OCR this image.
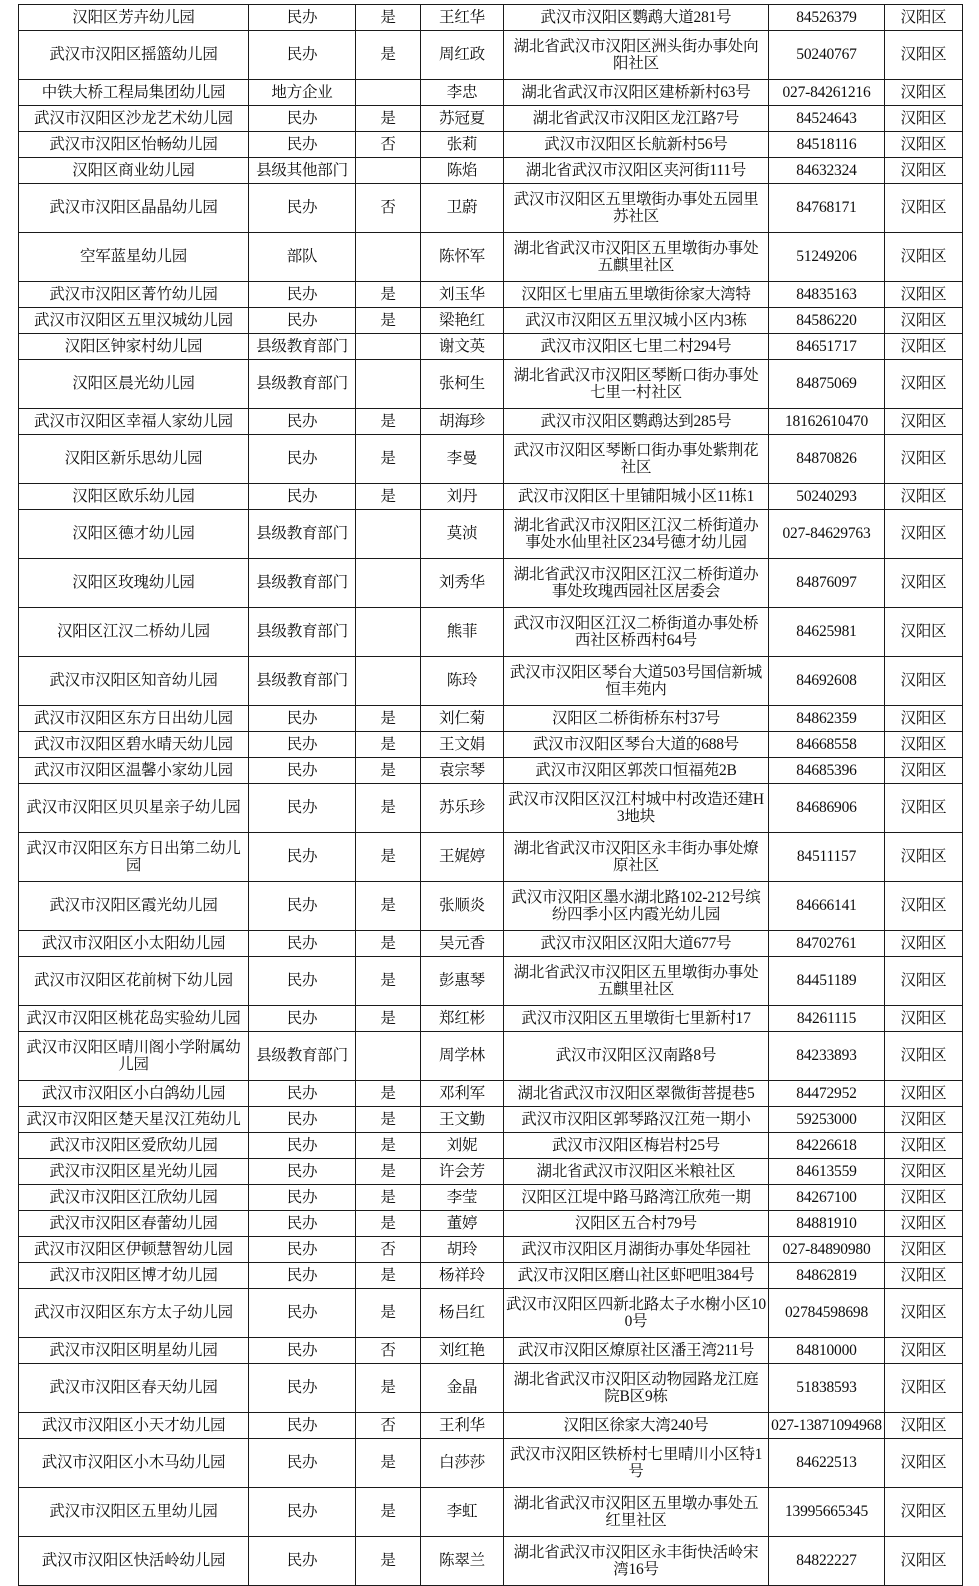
汉阳区芳卉幼儿园	民办	是	王红华	武汉市汉阳区鹦鹉大道281号	84526379	汉阳区
武汉市汉阳区摇篮幼儿园	民办	是	周红政	湖北省武汉市汉阳区洲头街办事处向阳社区	50240767	汉阳区
中铁大桥工程局集团幼儿园	地方企业		李忠	湖北省武汉市汉阳区建桥新村63号	027-84261216	汉阳区
武汉市汉阳区沙龙艺术幼儿园	民办	是	苏冠夏	湖北省武汉市汉阳区龙江路7号	84524643	汉阳区
武汉市汉阳区怡畅幼儿园	民办	否	张莉	武汉市汉阳区长航新村56号	84518116	汉阳区
汉阳区商业幼儿园	县级其他部门		陈焰	湖北省武汉市汉阳区夹河街111号	84632324	汉阳区
武汉市汉阳区晶晶幼儿园	民办	否	卫蔚	武汉市汉阳区五里墩街办事处五园里苏社区	84768171	汉阳区
空军蓝星幼儿园	部队		陈怀军	湖北省武汉市汉阳区五里墩街办事处五麒里社区	51249206	汉阳区
武汉市汉阳区菁竹幼儿园	民办	是	刘玉华	汉阳区七里庙五里墩街徐家大湾特	84835163	汉阳区
武汉市汉阳区五里汉城幼儿园	民办	是	梁艳红	武汉市汉阳区五里汉城小区内3栋	84586220	汉阳区
汉阳区钟家村幼儿园	县级教育部门		谢文英	武汉市汉阳区七里二村294号	84651717	汉阳区
汉阳区晨光幼儿园	县级教育部门		张柯生	湖北省武汉市汉阳区琴断口街办事处七里一村社区	84875069	汉阳区
武汉市汉阳区幸福人家幼儿园	民办	是	胡海珍	武汉市汉阳区鹦鹉达到285号	18162610470	汉阳区
汉阳区新乐思幼儿园	民办	是	李曼	武汉市汉阳区琴断口街办事处紫荆花社区	84870826	汉阳区
汉阳区欧乐幼儿园	民办	是	刘丹	武汉市汉阳区十里铺阳城小区11栋1	50240293	汉阳区
汉阳区德才幼儿园	县级教育部门		莫浈	湖北省武汉市汉阳区江汉二桥街道办事处水仙里社区234号德才幼儿园	027-84629763	汉阳区
汉阳区玫瑰幼儿园	县级教育部门		刘秀华	湖北省武汉市汉阳区江汉二桥街道办事处玫瑰西园社区居委会	84876097	汉阳区
汉阳区江汉二桥幼儿园	县级教育部门		熊菲	武汉市汉阳区江汉二桥街道办事处桥西社区桥西村64号	84625981	汉阳区
武汉市汉阳区知音幼儿园	县级教育部门		陈玲	武汉市汉阳区琴台大道503号国信新城恒丰苑内	84692608	汉阳区
武汉市汉阳区东方日出幼儿园	民办	是	刘仁菊	汉阳区二桥街桥东村37号	84862359	汉阳区
武汉市汉阳区碧水晴天幼儿园	民办	是	王文娟	武汉市汉阳区琴台大道的688号	84668558	汉阳区
武汉市汉阳区温馨小家幼儿园	民办	是	袁宗琴	武汉市汉阳区郭茨口恒福苑2B	84685396	汉阳区
武汉市汉阳区贝贝星亲子幼儿园	民办	是	苏乐珍	武汉市汉阳区汉江村城中村改造还建H3地块	84686906	汉阳区
武汉市汉阳区东方日出第二幼儿园	民办	是	王娓婷	湖北省武汉市汉阳区永丰街办事处燎原社区	84511157	汉阳区
武汉市汉阳区霞光幼儿园	民办	是	张顺炎	武汉市汉阳区墨水湖北路102-212号缤纷四季小区内霞光幼儿园	84666141	汉阳区
武汉市汉阳区小太阳幼儿园	民办	是	吴元香	武汉市汉阳区汉阳大道677号	84702761	汉阳区
武汉市汉阳区花前树下幼儿园	民办	是	彭惠琴	湖北省武汉市汉阳区五里墩街办事处五麒里社区	84451189	汉阳区
武汉市汉阳区桃花岛实验幼儿园	民办	是	郑红彬	武汉市汉阳区五里墩街七里新村17	84261115	汉阳区
武汉市汉阳区晴川阁小学附属幼儿园	县级教育部门		周学林	武汉市汉阳区汉南路8号	84233893	汉阳区
武汉市汉阳区小白鸽幼儿园	民办	是	邓利军	湖北省武汉市汉阳区翠微街菩提巷5	84472952	汉阳区
武汉市汉阳区楚天星汉江苑幼儿	民办	是	王文勤	武汉市汉阳区郭琴路汉江苑一期小	59253000	汉阳区
武汉市汉阳区爱欣幼儿园	民办	是	刘妮	武汉市汉阳区梅岩村25号	84226618	汉阳区
武汉市汉阳区星光幼儿园	民办	是	许会芳	湖北省武汉市汉阳区米粮社区	84613559	汉阳区
武汉市汉阳区江欣幼儿园	民办	是	李莹	汉阳区江堤中路马路湾江欣苑一期	84267100	汉阳区
武汉市汉阳区春蕾幼儿园	民办	是	董婷	汉阳区五合村79号	84881910	汉阳区
武汉市汉阳区伊顿慧智幼儿园	民办	否	胡玲	武汉市汉阳区月湖街办事处华园社	027-84890980	汉阳区
武汉市汉阳区博才幼儿园	民办	是	杨祥玲	武汉市汉阳区磨山社区虾吧咀384号	84862819	汉阳区
武汉市汉阳区东方太子幼儿园	民办	是	杨吕红	武汉市汉阳区四新北路太子水榭小区100号	02784598698	汉阳区
武汉市汉阳区明星幼儿园	民办	否	刘红艳	武汉市汉阳区燎原社区潘王湾211号	84810000	汉阳区
武汉市汉阳区春天幼儿园	民办	是	金晶	湖北省武汉市汉阳区动物园路龙江庭院B区9栋	51838593	汉阳区
武汉市汉阳区小天才幼儿园	民办	否	王利华	汉阳区徐家大湾240号	027-13871094968	汉阳区
武汉市汉阳区小木马幼儿园	民办	是	白莎莎	武汉市汉阳区铁桥村七里晴川小区特1号	84622513	汉阳区
武汉市汉阳区五里幼儿园	民办	是	李虹	湖北省武汉市汉阳区五里墩办事处五红里社区	13995665345	汉阳区
武汉市汉阳区快活岭幼儿园	民办	是	陈翠兰	湖北省武汉市汉阳区永丰街快活岭宋湾16号	84822227	汉阳区
